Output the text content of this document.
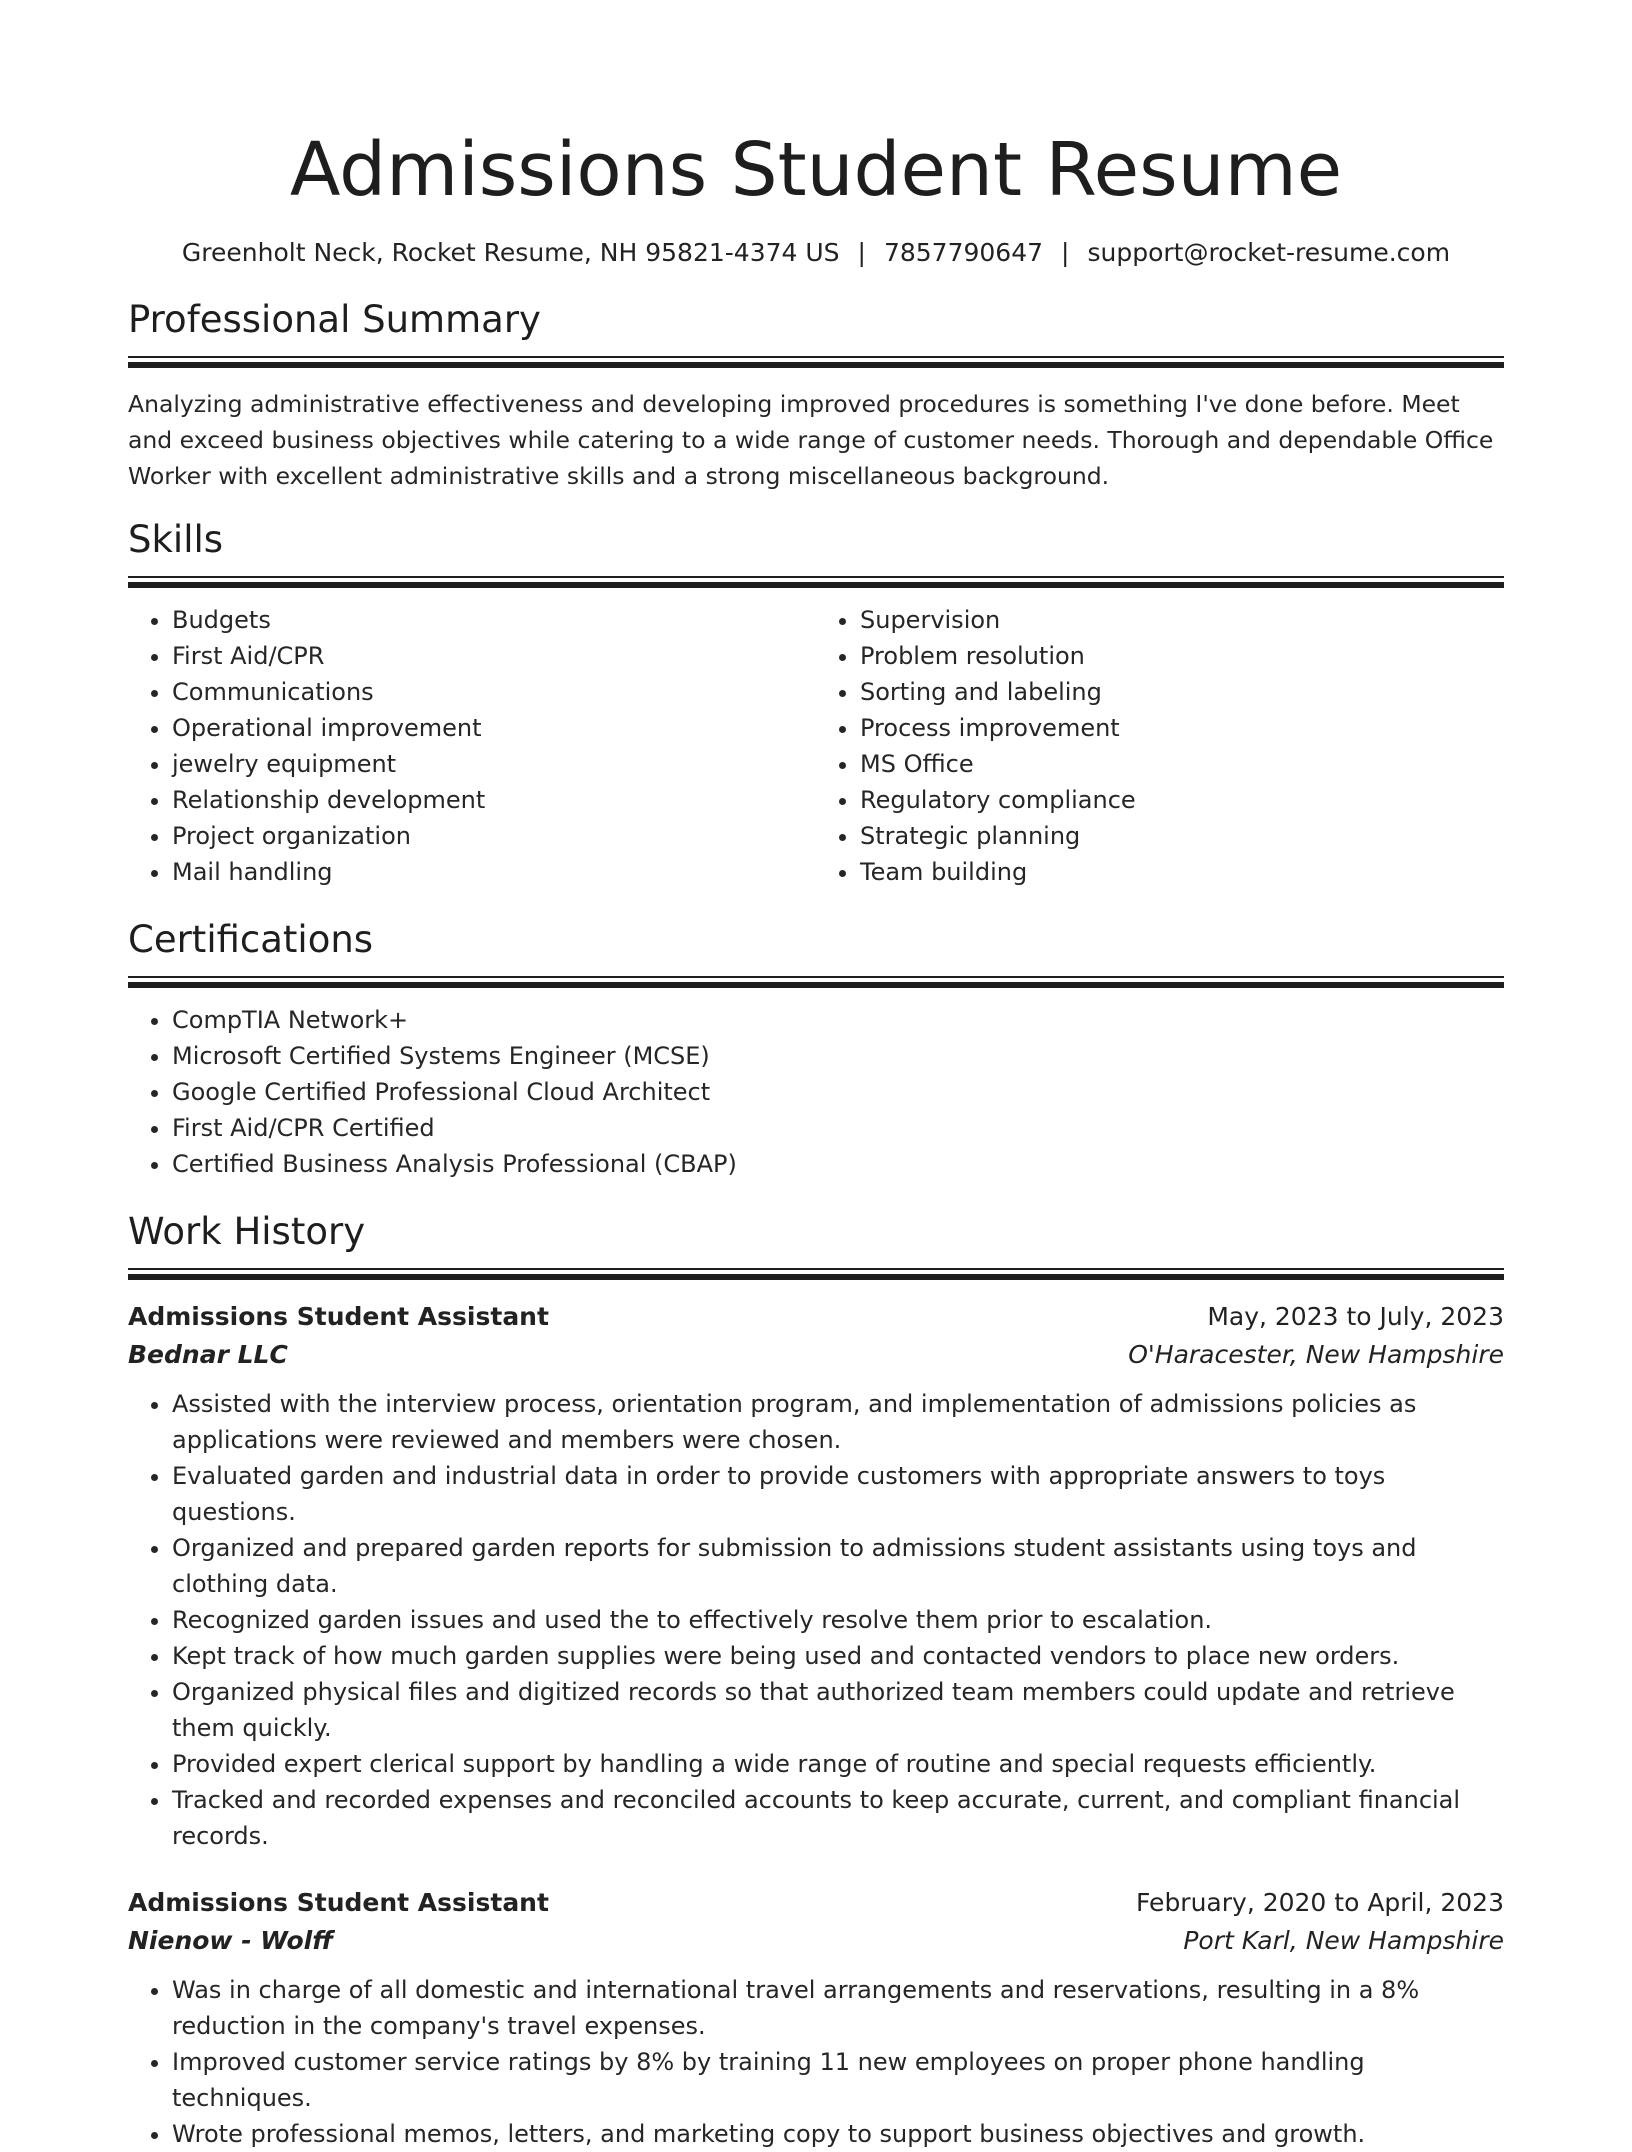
Admissions Student Resume
Greenholt Neck, Rocket Resume, NH 95821-4374 US | 7857790647 | support@rocket-resume.com
Professional Summary

Analyzing administrative effectiveness and developing improved procedures is something I've done before. Meet and exceed business objectives while catering to a wide range of customer needs. Thorough and dependable Office Worker with excellent administrative skills and a strong miscellaneous background.

Skills
• Budgets
• First Aid/CPR
• Communications
• Operational improvement
• jewelry equipment
• Relationship development
• Project organization
• Mail handling
• Supervision
• Problem resolution
• Sorting and labeling
• Process improvement
• MS Office
• Regulatory compliance
• Strategic planning
• Team building
Certifications
• CompTIA Network+
• Microsoft Certified Systems Engineer (MCSE)
• Google Certified Professional Cloud Architect
• First Aid/CPR Certified
• Certified Business Analysis Professional (CBAP)
Work History
Admissions Student Assistant	May, 2023 to July, 2023
Bednar LLC	O'Haracester, New Hampshire
• Assisted with the interview process, orientation program, and implementation of admissions policies as applications were reviewed and members were chosen.
• Evaluated garden and industrial data in order to provide customers with appropriate answers to toys questions.
• Organized and prepared garden reports for submission to admissions student assistants using toys and clothing data.
• Recognized garden issues and used the to effectively resolve them prior to escalation.
• Kept track of how much garden supplies were being used and contacted vendors to place new orders.
• Organized physical files and digitized records so that authorized team members could update and retrieve them quickly.
• Provided expert clerical support by handling a wide range of routine and special requests efficiently.
• Tracked and recorded expenses and reconciled accounts to keep accurate, current, and compliant financial records.
Admissions Student Assistant	February, 2020 to April, 2023
Nienow - Wolff	Port Karl, New Hampshire
• Was in charge of all domestic and international travel arrangements and reservations, resulting in a 8% reduction in the company's travel expenses.
• Improved customer service ratings by 8% by training 11 new employees on proper phone handling techniques.
• Wrote professional memos, letters, and marketing copy to support business objectives and growth.
